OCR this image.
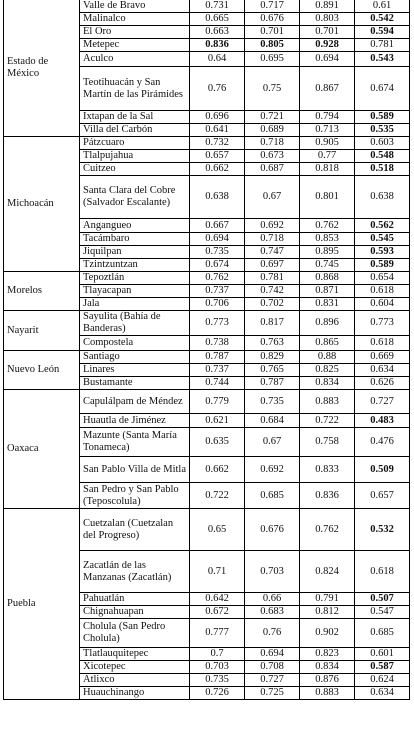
Estado de México	Valle de Bravo	0.731	0.717	0.891	0.61
	Malinalco	0.665	0.676	0.803	0.542
	El Oro	0.663	0.701	0.701	0.594
	Metepec	0.836	0.805	0.928	0.781
	Aculco	0.64	0.695	0.694	0.543
	Teotihuacán y San Martín de las Pirámides	0.76	0.75	0.867	0.674
	Ixtapan de la Sal	0.696	0.721	0.794	0.589
	Villa del Carbón	0.641	0.689	0.713	0.535
Michoacán	Pátzcuaro	0.732	0.718	0.905	0.603
	Tlalpujahua	0.657	0.673	0.77	0.548
	Cuitzeo	0.662	0.687	0.818	0.518
	Santa Clara del Cobre (Salvador Escalante)	0.638	0.67	0.801	0.638
	Angangueo	0.667	0.692	0.762	0.562
	Tacámbaro	0.694	0.718	0.853	0.545
	Jiquilpan	0.735	0.747	0.895	0.593
	Tzintzuntzan	0.674	0.697	0.745	0.589
Morelos	Tepoztlán	0.762	0.781	0.868	0.654
	Tlayacapan	0.737	0.742	0.871	0.618
	Jala	0.706	0.702	0.831	0.604
Nayarit	Sayulita (Bahía de Banderas)	0.773	0.817	0.896	0.773
	Compostela	0.738	0.763	0.865	0.618
Nuevo León	Santiago	0.787	0.829	0.88	0.669
	Linares	0.737	0.765	0.825	0.634
	Bustamante	0.744	0.787	0.834	0.626
Oaxaca	Capulálpam de Méndez	0.779	0.735	0.883	0.727
	Huautla de Jiménez	0.621	0.684	0.722	0.483
	Mazunte (Santa María Tonameca)	0.635	0.67	0.758	0.476
	San Pablo Villa de Mitla	0.662	0.692	0.833	0.509
	San Pedro y San Pablo (Teposcolula)	0.722	0.685	0.836	0.657
Puebla	Cuetzalan (Cuetzalan del Progreso)	0.65	0.676	0.762	0.532
	Zacatlán de las Manzanas (Zacatlán)	0.71	0.703	0.824	0.618
	Pahuatlán	0.642	0.66	0.791	0.507
	Chignahuapan	0.672	0.683	0.812	0.547
	Cholula (San Pedro Cholula)	0.777	0.76	0.902	0.685
	Tlatlauquitepec	0.7	0.694	0.823	0.601
	Xicotepec	0.703	0.708	0.834	0.587
	Atlixco	0.735	0.727	0.876	0.624
	Huauchinango	0.726	0.725	0.883	0.634
